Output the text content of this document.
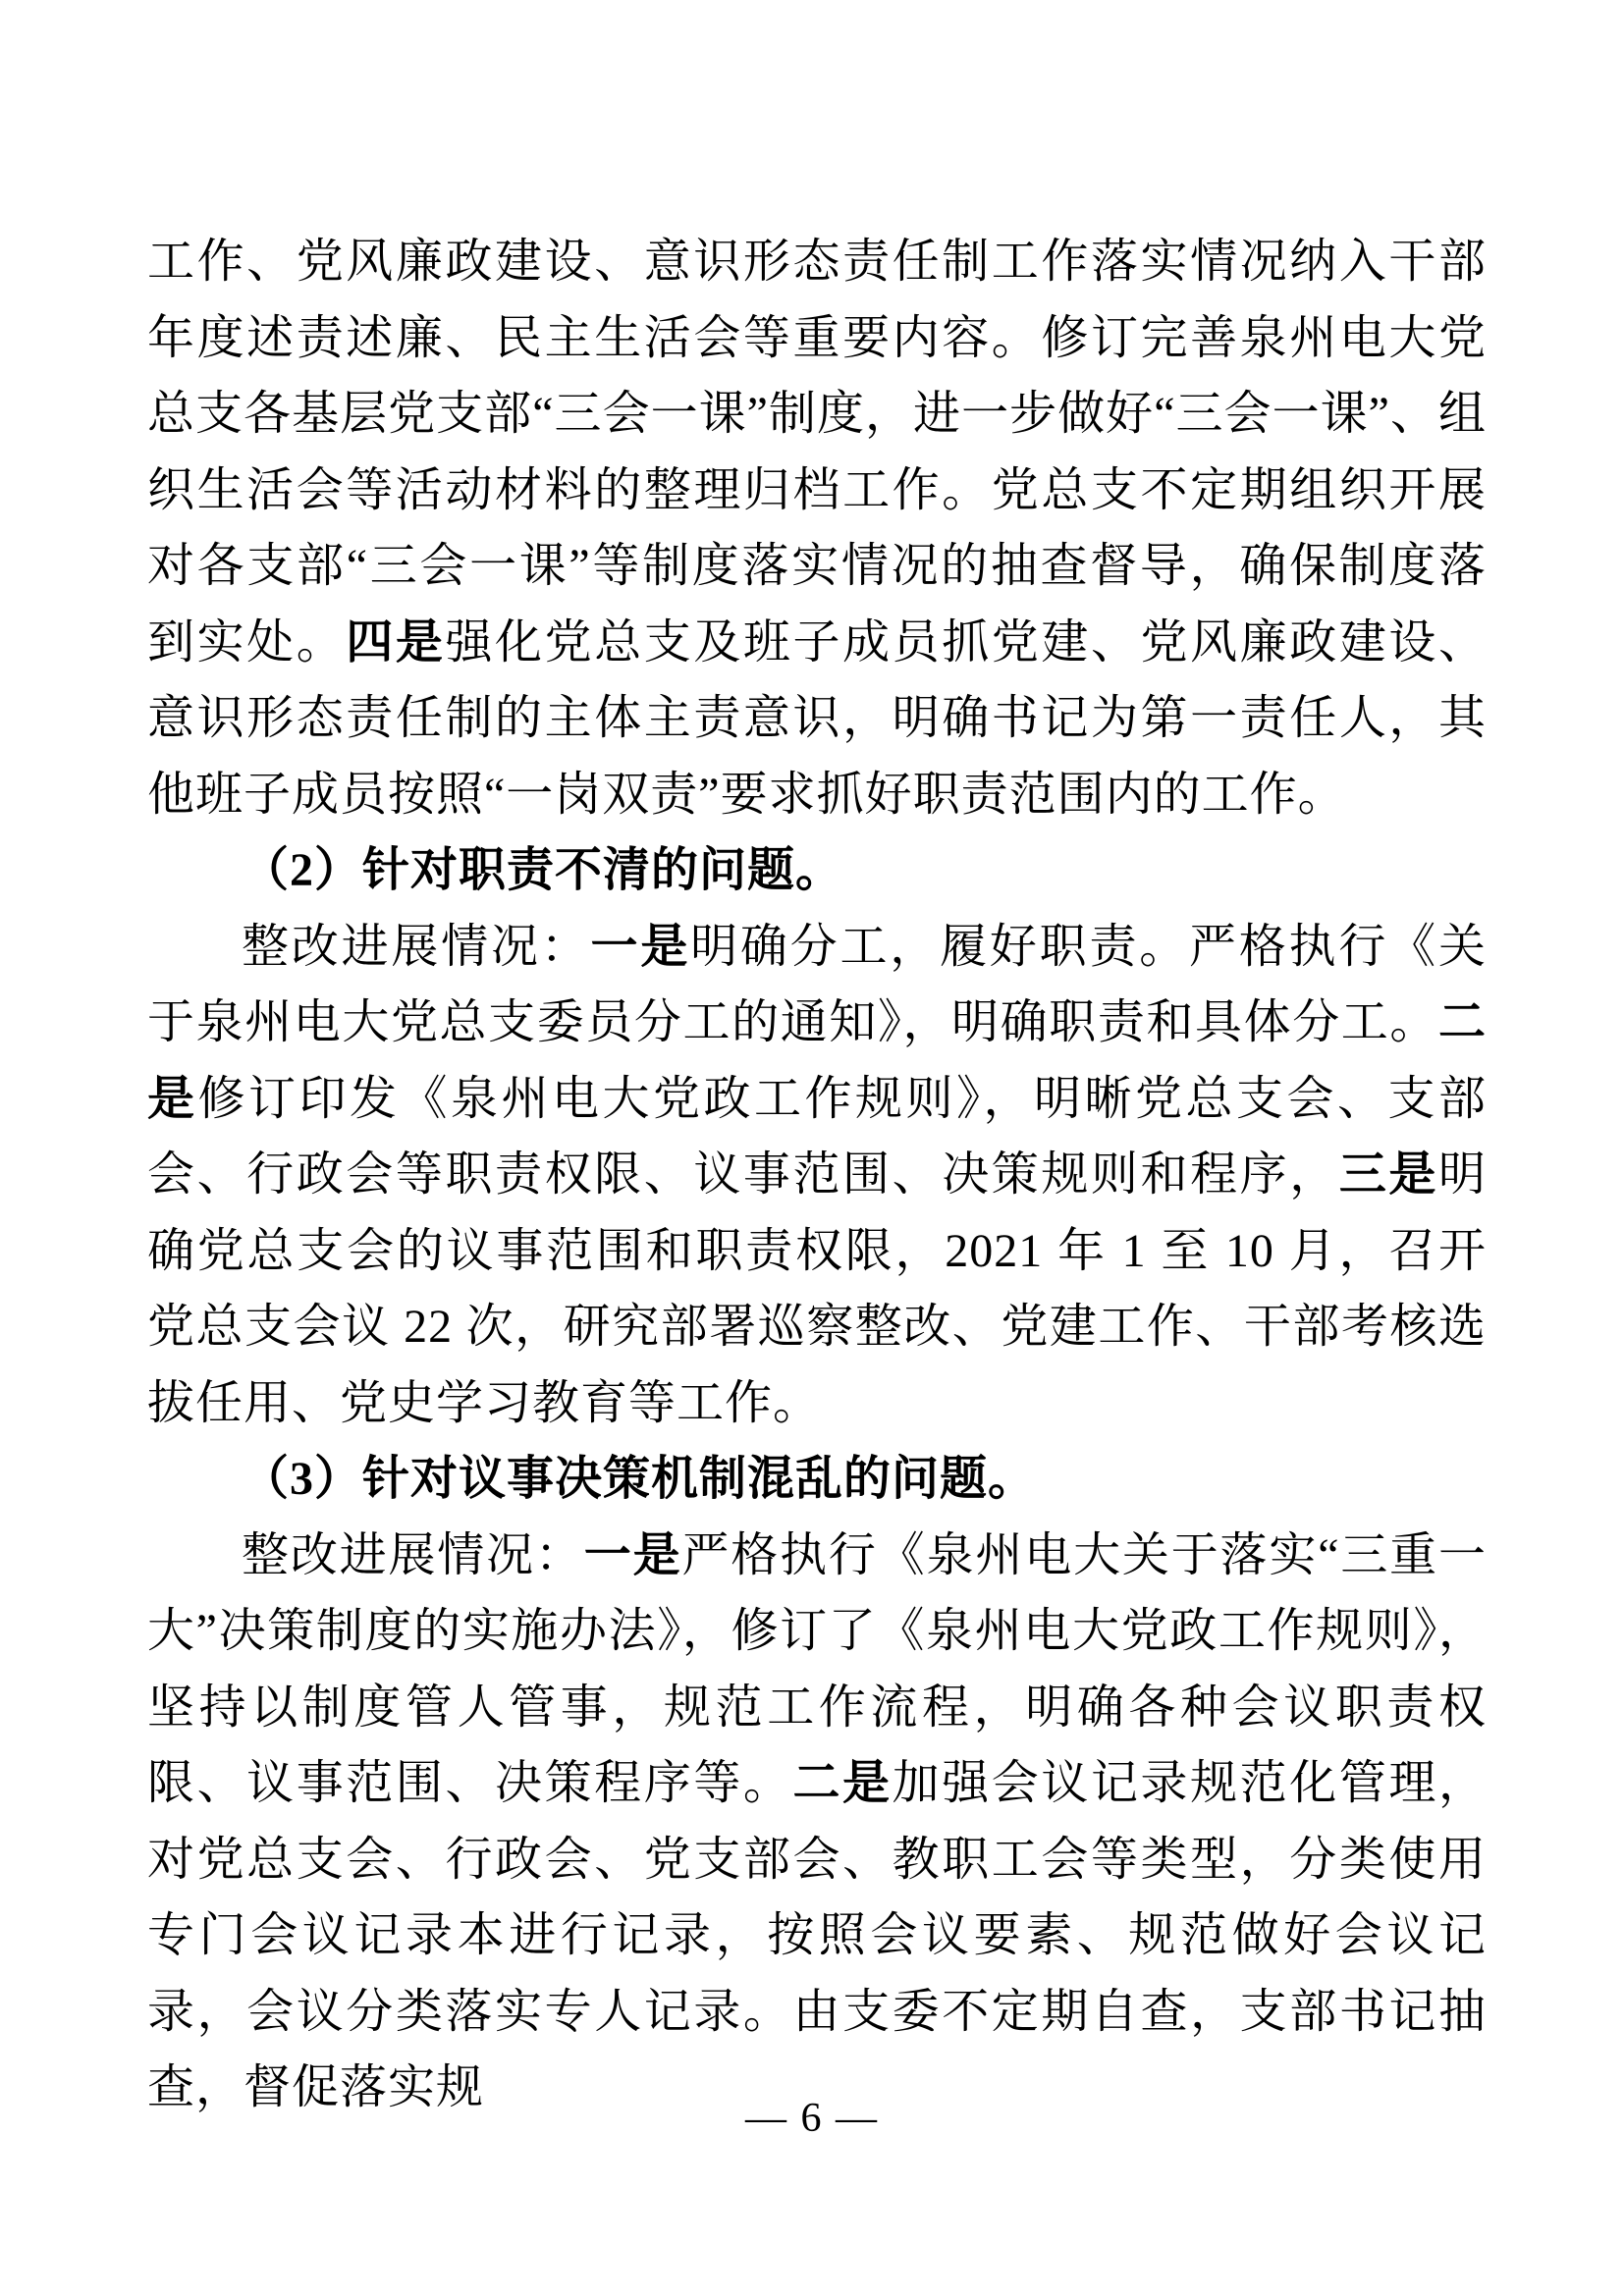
工作、党风廉政建设、意识形态责任制工作落实情况纳入干部年度述责述廉、民主生活会等重要内容。修订完善泉州电大党总支各基层党支部“三会一课”制度，进一步做好“三会一课”、组织生活会等活动材料的整理归档工作。党总支不定期组织开展对各支部“三会一课”等制度落实情况的抽查督导，确保制度落到实处。四是强化党总支及班子成员抓党建、党风廉政建设、意识形态责任制的主体主责意识，明确书记为第一责任人，其他班子成员按照“一岗双责”要求抓好职责范围内的工作。

（2）针对职责不清的问题。

整改进展情况：一是明确分工，履好职责。严格执行《关于泉州电大党总支委员分工的通知》，明确职责和具体分工。二是修订印发《泉州电大党政工作规则》，明晰党总支会、支部会、行政会等职责权限、议事范围、决策规则和程序，三是明确党总支会的议事范围和职责权限，2021 年 1 至 10 月，召开党总支会议 22 次，研究部署巡察整改、党建工作、干部考核选拔任用、党史学习教育等工作。

（3）针对议事决策机制混乱的问题。

整改进展情况：一是严格执行《泉州电大关于落实“三重一大”决策制度的实施办法》，修订了《泉州电大党政工作规则》，坚持以制度管人管事，规范工作流程，明确各种会议职责权限、议事范围、决策程序等。二是加强会议记录规范化管理，对党总支会、行政会、党支部会、教职工会等类型，分类使用专门会议记录本进行记录，按照会议要素、规范做好会议记录，会议分类落实专人记录。由支委不定期自查，支部书记抽查，督促落实规

— 6 —
